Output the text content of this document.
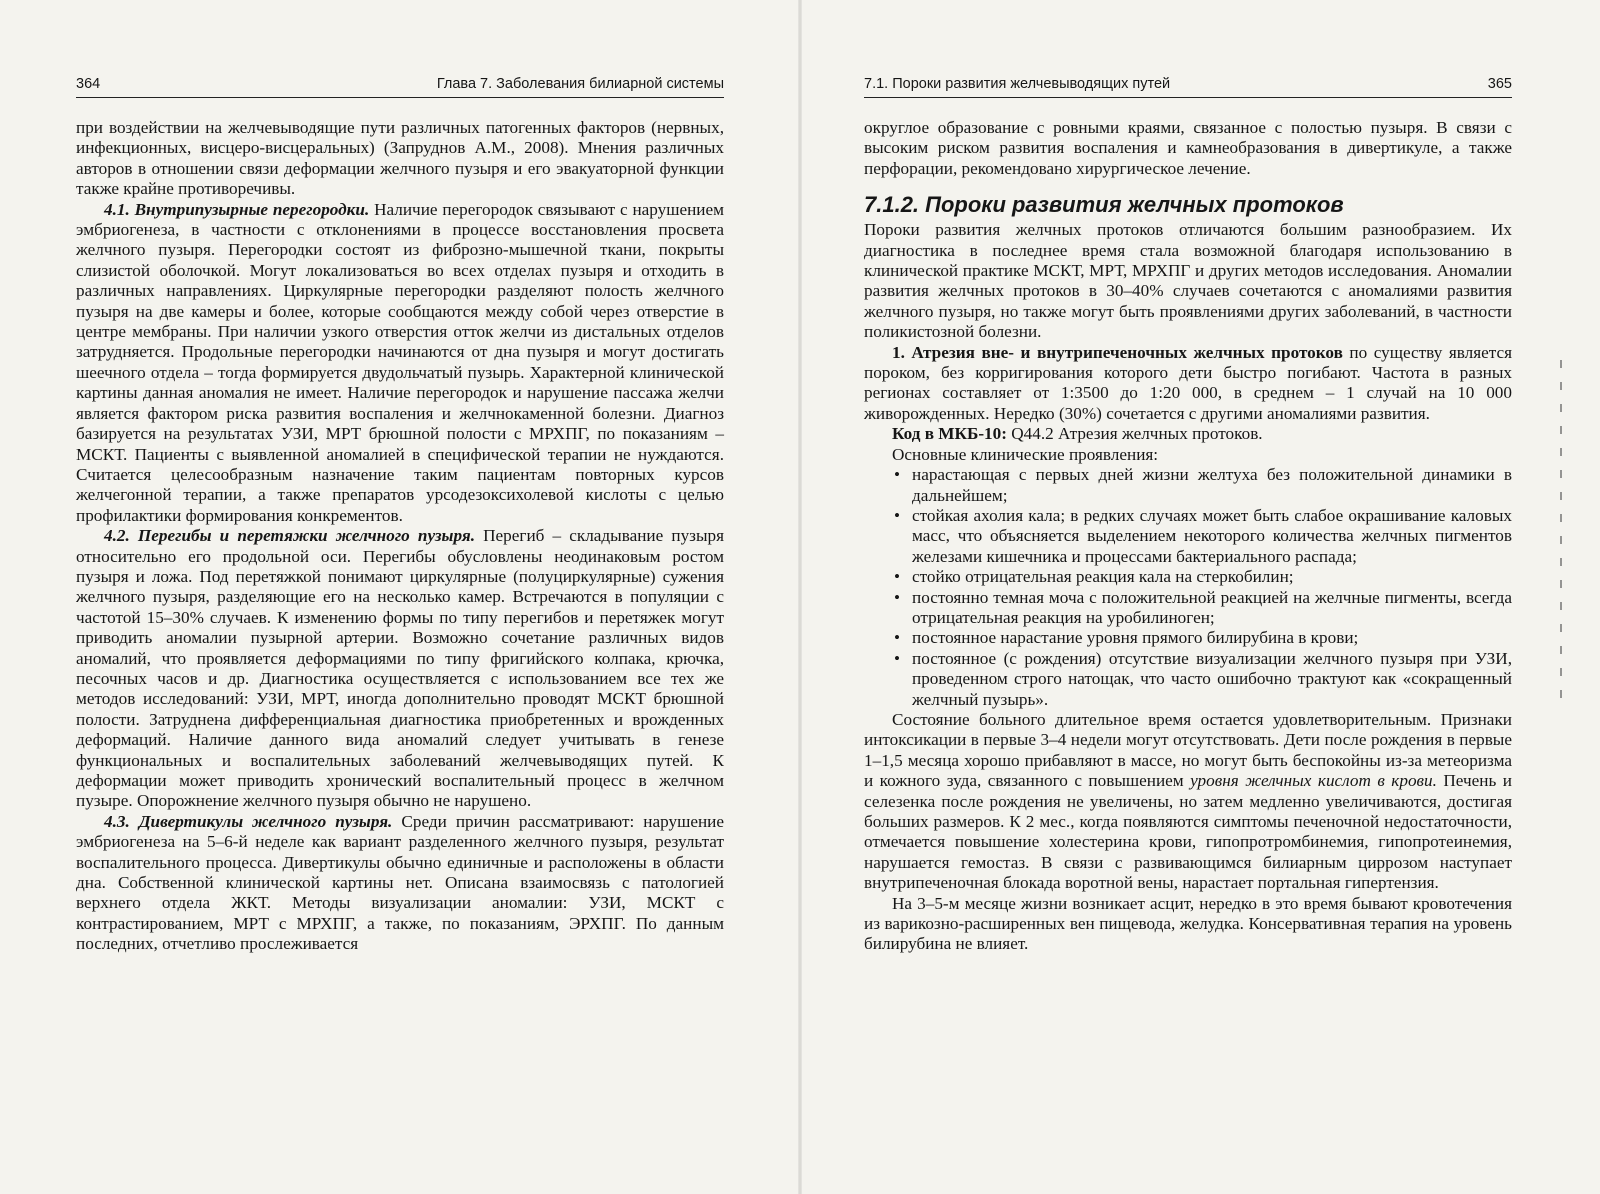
364	Глава 7. Заболевания билиарной системы

при воздействии на желчевыводящие пути различных патогенных факторов (нервных, инфекционных, висцеро-висцеральных) (Запруднов А.М., 2008). Мнения различных авторов в отношении связи деформации желчного пузыря и его эвакуаторной функции также крайне противоречивы.

4.1. Внутрипузырные перегородки. Наличие перегородок связывают с нарушением эмбриогенеза, в частности с отклонениями в процессе восстановления просвета желчного пузыря. Перегородки состоят из фиброзно-мышечной ткани, покрыты слизистой оболочкой. Могут локализоваться во всех отделах пузыря и отходить в различных направлениях. Циркулярные перегородки разделяют полость желчного пузыря на две камеры и более, которые сообщаются между собой через отверстие в центре мембраны. При наличии узкого отверстия отток желчи из дистальных отделов затрудняется. Продольные перегородки начинаются от дна пузыря и могут достигать шеечного отдела – тогда формируется двудольчатый пузырь. Характерной клинической картины данная аномалия не имеет. Наличие перегородок и нарушение пассажа желчи является фактором риска развития воспаления и желчнокаменной болезни. Диагноз базируется на результатах УЗИ, МРТ брюшной полости с МРХПГ, по показаниям – МСКТ. Пациенты с выявленной аномалией в специфической терапии не нуждаются. Считается целесообразным назначение таким пациентам повторных курсов желчегонной терапии, а также препаратов урсодезоксихолевой кислоты с целью профилактики формирования конкрементов.

4.2. Перегибы и перетяжки желчного пузыря. Перегиб – складывание пузыря относительно его продольной оси. Перегибы обусловлены неодинаковым ростом пузыря и ложа. Под перетяжкой понимают циркулярные (полуциркулярные) сужения желчного пузыря, разделяющие его на несколько камер. Встречаются в популяции с частотой 15–30% случаев. К изменению формы по типу перегибов и перетяжек могут приводить аномалии пузырной артерии. Возможно сочетание различных видов аномалий, что проявляется деформациями по типу фригийского колпака, крючка, песочных часов и др. Диагностика осуществляется с использованием все тех же методов исследований: УЗИ, МРТ, иногда дополнительно проводят МСКТ брюшной полости. Затруднена дифференциальная диагностика приобретенных и врожденных деформаций. Наличие данного вида аномалий следует учитывать в генезе функциональных и воспалительных заболеваний желчевыводящих путей. К деформации может приводить хронический воспалительный процесс в желчном пузыре. Опорожнение желчного пузыря обычно не нарушено.

4.3. Дивертикулы желчного пузыря. Среди причин рассматривают: нарушение эмбриогенеза на 5–6-й неделе как вариант разделенного желчного пузыря, результат воспалительного процесса. Дивертикулы обычно единичные и расположены в области дна. Собственной клинической картины нет. Описана взаимосвязь с патологией верхнего отдела ЖКТ. Методы визуализации аномалии: УЗИ, МСКТ с контрастированием, МРТ с МРХПГ, а также, по показаниям, ЭРХПГ. По данным последних, отчетливо прослеживается

7.1. Пороки развития желчевыводящих путей	365

округлое образование с ровными краями, связанное с полостью пузыря. В связи с высоким риском развития воспаления и камнеобразования в дивертикуле, а также перфорации, рекомендовано хирургическое лечение.

7.1.2. Пороки развития желчных протоков

Пороки развития желчных протоков отличаются большим разнообразием. Их диагностика в последнее время стала возможной благодаря использованию в клинической практике МСКТ, МРТ, МРХПГ и других методов исследования. Аномалии развития желчных протоков в 30–40% случаев сочетаются с аномалиями развития желчного пузыря, но также могут быть проявлениями других заболеваний, в частности поликистозной болезни.

1. Атрезия вне- и внутрипеченочных желчных протоков по существу является пороком, без корригирования которого дети быстро погибают. Частота в разных регионах составляет от 1:3500 до 1:20 000, в среднем – 1 случай на 10 000 живорожденных. Нередко (30%) сочетается с другими аномалиями развития.

Код в МКБ-10: Q44.2 Атрезия желчных протоков.

Основные клинические проявления:

• нарастающая с первых дней жизни желтуха без положительной динамики в дальнейшем;
• стойкая ахолия кала; в редких случаях может быть слабое окрашивание каловых масс, что объясняется выделением некоторого количества желчных пигментов железами кишечника и процессами бактериального распада;
• стойко отрицательная реакция кала на стеркобилин;
• постоянно темная моча с положительной реакцией на желчные пигменты, всегда отрицательная реакция на уробилиноген;
• постоянное нарастание уровня прямого билирубина в крови;
• постоянное (с рождения) отсутствие визуализации желчного пузыря при УЗИ, проведенном строго натощак, что часто ошибочно трактуют как «сокращенный желчный пузырь».

Состояние больного длительное время остается удовлетворительным. Признаки интоксикации в первые 3–4 недели могут отсутствовать. Дети после рождения в первые 1–1,5 месяца хорошо прибавляют в массе, но могут быть беспокойны из-за метеоризма и кожного зуда, связанного с повышением уровня желчных кислот в крови. Печень и селезенка после рождения не увеличены, но затем медленно увеличиваются, достигая больших размеров. К 2 мес., когда появляются симптомы печеночной недостаточности, отмечается повышение холестерина крови, гипопротромбинемия, гипопротеинемия, нарушается гемостаз. В связи с развивающимся билиарным циррозом наступает внутрипеченочная блокада воротной вены, нарастает портальная гипертензия.

На 3–5-м месяце жизни возникает асцит, нередко в это время бывают кровотечения из варикозно-расширенных вен пищевода, желудка. Консервативная терапия на уровень билирубина не влияет.
